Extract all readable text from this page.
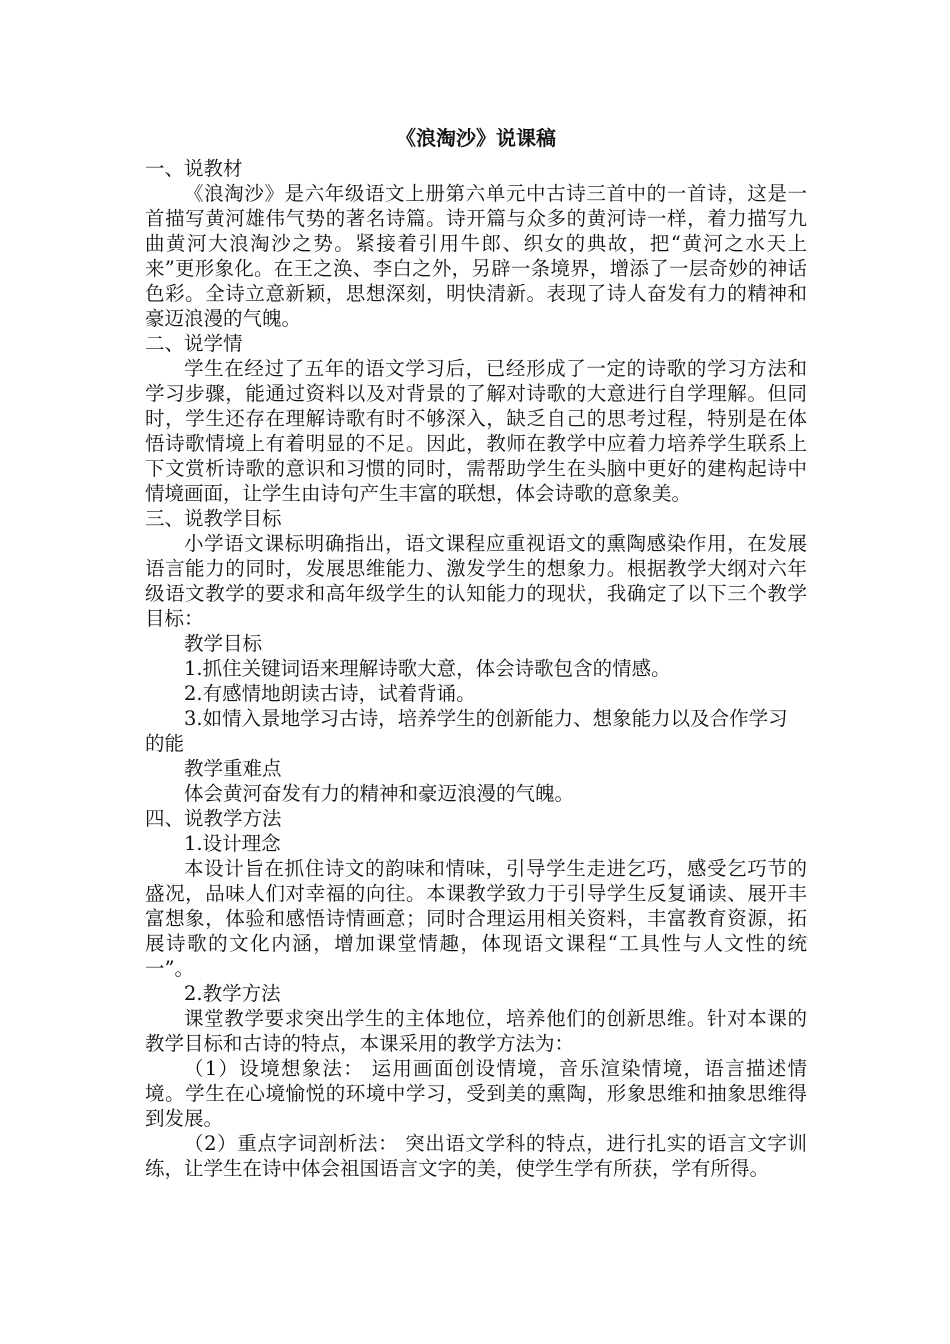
《浪淘沙》说课稿

一、说教材

《浪淘沙》是六年级语文上册第六单元中古诗三首中的一首诗，这是一首描写黄河雄伟气势的著名诗篇。诗开篇与众多的黄河诗一样，着力描写九曲黄河大浪淘沙之势。紧接着引用牛郎、织女的典故，把“黄河之水天上来”更形象化。在王之涣、李白之外，另辟一条境界，增添了一层奇妙的神话色彩。全诗立意新颖，思想深刻，明快清新。表现了诗人奋发有力的精神和豪迈浪漫的气魄。

二、说学情

学生在经过了五年的语文学习后，已经形成了一定的诗歌的学习方法和学习步骤，能通过资料以及对背景的了解对诗歌的大意进行自学理解。但同时，学生还存在理解诗歌有时不够深入，缺乏自己的思考过程，特别是在体悟诗歌情境上有着明显的不足。因此，教师在教学中应着力培养学生联系上下文赏析诗歌的意识和习惯的同时，需帮助学生在头脑中更好的建构起诗中情境画面，让学生由诗句产生丰富的联想，体会诗歌的意象美。

三、说教学目标

小学语文课标明确指出，语文课程应重视语文的熏陶感染作用，在发展语言能力的同时，发展思维能力、激发学生的想象力。根据教学大纲对六年级语文教学的要求和高年级学生的认知能力的现状，我确定了以下三个教学目标：

教学目标

1.抓住关键词语来理解诗歌大意，体会诗歌包含的情感。

2.有感情地朗读古诗，试着背诵。

3.如情入景地学习古诗，培养学生的创新能力、想象能力以及合作学习的能

教学重难点

体会黄河奋发有力的精神和豪迈浪漫的气魄。

四、说教学方法

1.设计理念

本设计旨在抓住诗文的韵味和情味，引导学生走进乞巧，感受乞巧节的盛况，品味人们对幸福的向往。本课教学致力于引导学生反复诵读、展开丰富想象，体验和感悟诗情画意；同时合理运用相关资料，丰富教育资源，拓展诗歌的文化内涵，增加课堂情趣，体现语文课程“工具性与人文性的统一”。

2.教学方法

课堂教学要求突出学生的主体地位，培养他们的创新思维。针对本课的教学目标和古诗的特点，本课采用的教学方法为：

（1）设境想象法： 运用画面创设情境，音乐渲染情境，语言描述情境。学生在心境愉悦的环境中学习，受到美的熏陶，形象思维和抽象思维得到发展。

（2）重点字词剖析法： 突出语文学科的特点，进行扎实的语言文字训练，让学生在诗中体会祖国语言文字的美，使学生学有所获，学有所得。
